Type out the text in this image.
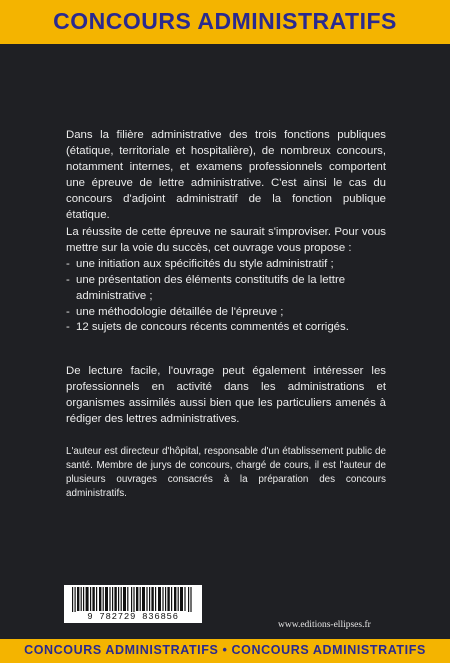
CONCOURS ADMINISTRATIFS
Dans la filière administrative des trois fonctions publiques (étatique, territoriale et hospitalière), de nombreux concours, notamment internes, et examens professionnels comportent une épreuve de lettre administrative. C'est ainsi le cas du concours d'adjoint administratif de la fonction publique étatique.
La réussite de cette épreuve ne saurait s'improviser. Pour vous mettre sur la voie du succès, cet ouvrage vous propose :
- une initiation aux spécificités du style administratif ;
- une présentation des éléments constitutifs de la lettre administrative ;
- une méthodologie détaillée de l'épreuve ;
- 12 sujets de concours récents commentés et corrigés.
De lecture facile, l'ouvrage peut également intéresser les professionnels en activité dans les administrations et organismes assimilés aussi bien que les particuliers amenés à rédiger des lettres administratives.
L'auteur est directeur d'hôpital, responsable d'un établissement public de santé. Membre de jurys de concours, chargé de cours, il est l'auteur de plusieurs ouvrages consacrés à la préparation des concours administratifs.
9 782729 836856
www.editions-ellipses.fr
CONCOURS ADMINISTRATIFS • CONCOURS ADMINISTRATIFS
